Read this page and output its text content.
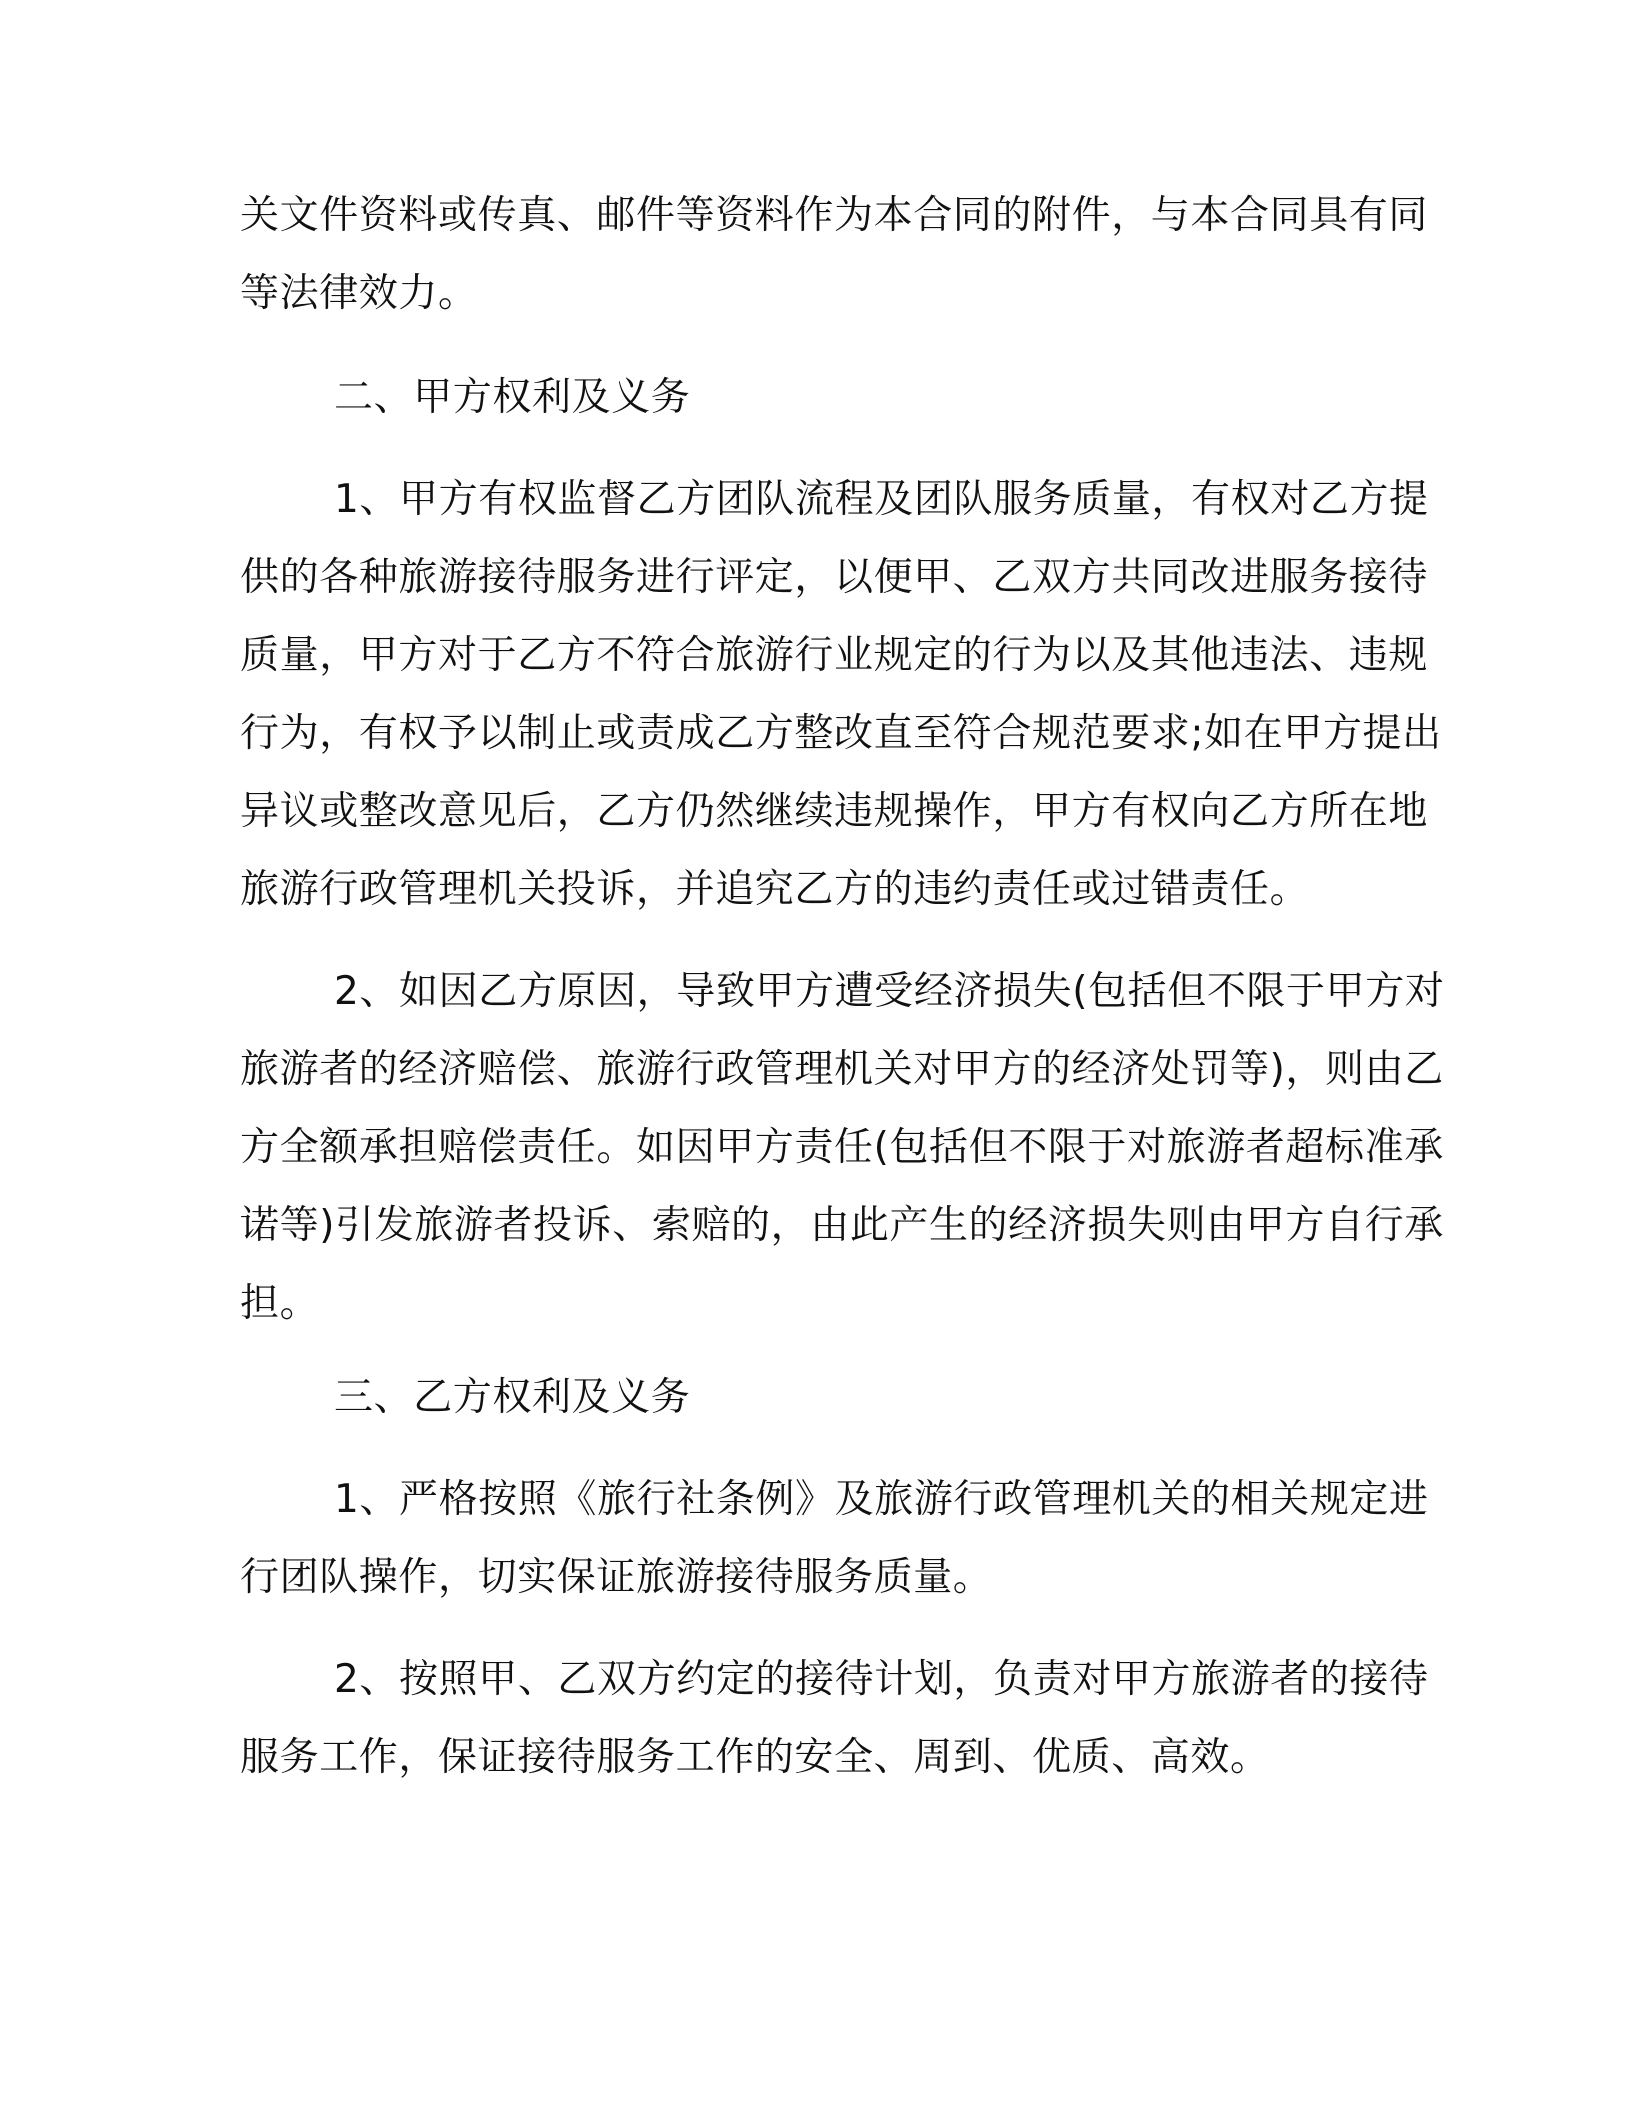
关文件资料或传真、邮件等资料作为本合同的附件，与本合同具有同
等法律效力。
二、甲方权利及义务
1、甲方有权监督乙方团队流程及团队服务质量，有权对乙方提
供的各种旅游接待服务进行评定，以便甲、乙双方共同改进服务接待
质量，甲方对于乙方不符合旅游行业规定的行为以及其他违法、违规
行为，有权予以制止或责成乙方整改直至符合规范要求;如在甲方提出
异议或整改意见后，乙方仍然继续违规操作，甲方有权向乙方所在地
旅游行政管理机关投诉，并追究乙方的违约责任或过错责任。
2、如因乙方原因，导致甲方遭受经济损失(包括但不限于甲方对
旅游者的经济赔偿、旅游行政管理机关对甲方的经济处罚等)，则由乙
方全额承担赔偿责任。如因甲方责任(包括但不限于对旅游者超标准承
诺等)引发旅游者投诉、索赔的，由此产生的经济损失则由甲方自行承
担。
三、乙方权利及义务
1、严格按照《旅行社条例》及旅游行政管理机关的相关规定进
行团队操作，切实保证旅游接待服务质量。
2、按照甲、乙双方约定的接待计划，负责对甲方旅游者的接待
服务工作，保证接待服务工作的安全、周到、优质、高效。
